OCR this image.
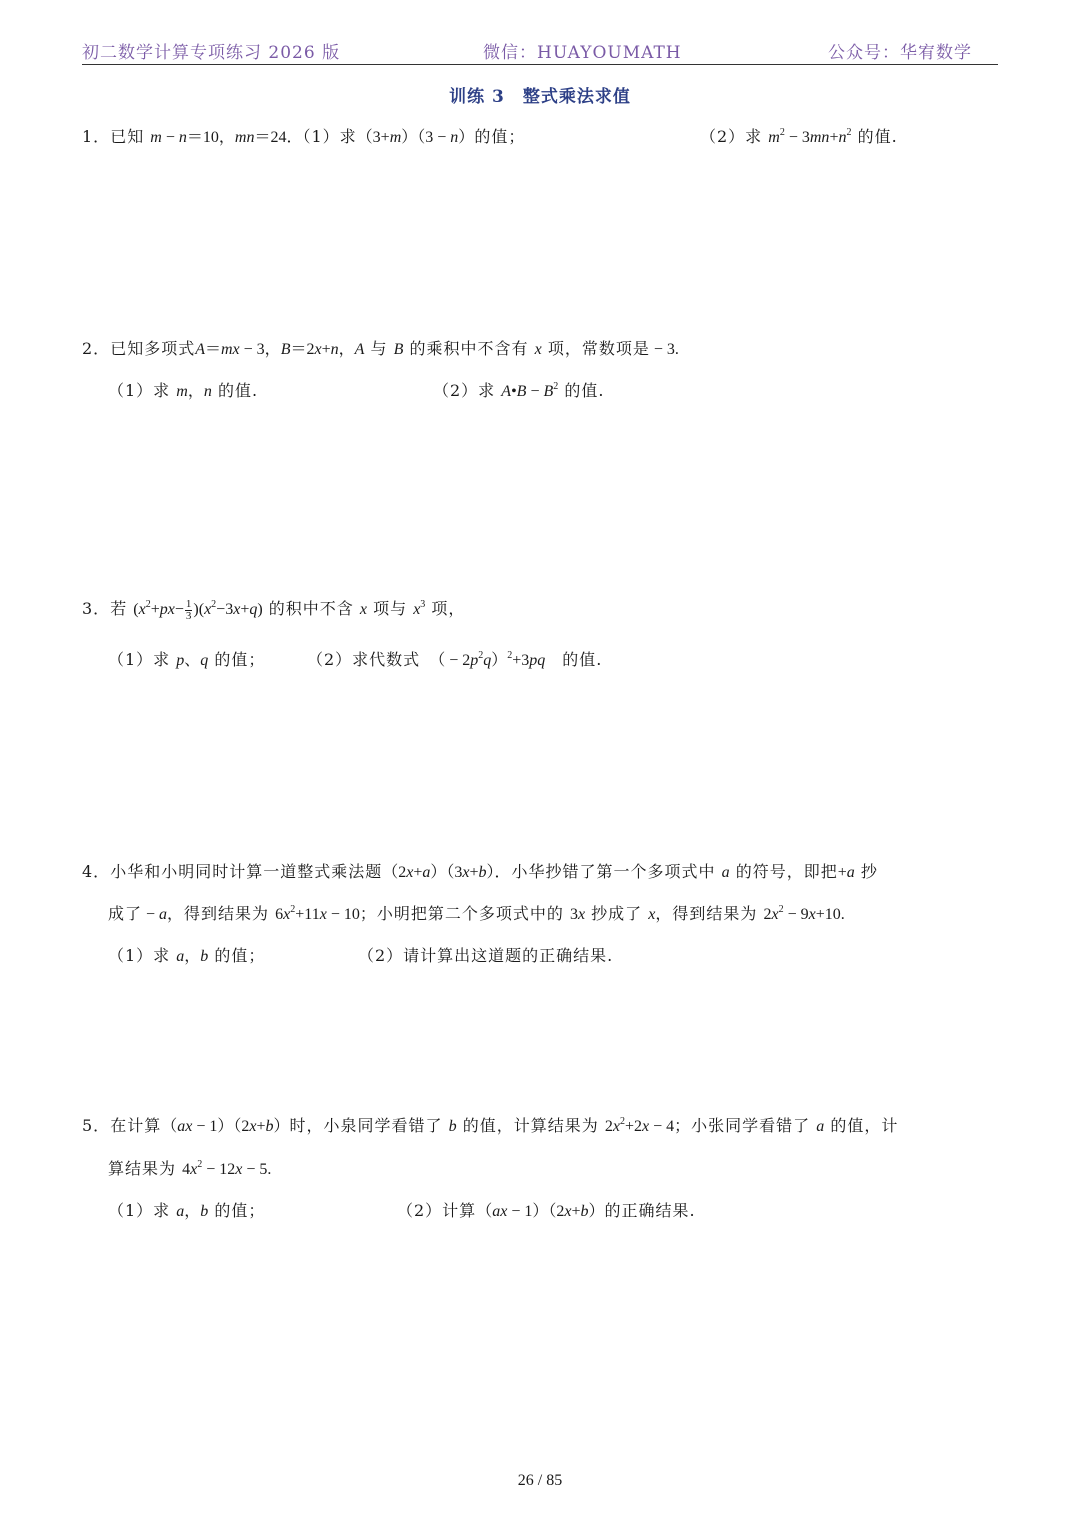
初二数学计算专项练习 2026 版	微信：HUAYOUMATH	公众号：华宥数学
训练 3　整式乘法求值
1．已知 m − n＝10，mn＝24．（1）求（3+m）（3 − n）的值；	（2）求 $m^2 - 3mn+n^2$ 的值.
2．已知多项式A＝mx − 3，B＝2x+n，A 与 B 的乘积中不含有 x 项，常数项是 − 3.
（1）求 m，n 的值.	（2）求 A•B − $B^2$ 的值.
3．若 $(x^2+px- \frac{1}{3} )(x^2-3x+q)$ 的积中不含 x 项与 $x^3$ 项，
（1）求 p、q 的值；	（2）求代数式　 （ − $2p^2q)^2+3pq$　 的值.
4．小华和小明同时计算一道整式乘法题（2x+a）（3x+b）．小华抄错了第一个多项式中 a 的符号，即把+a 抄
成了 − a，得到结果为 $6x^2+11x - 10$；小明把第二个多项式中的 3x 抄成了 x，得到结果为 $2x^2 - 9x+10$.
（1）求 a，b 的值；	（2）请计算出这道题的正确结果.
5．在计算（ax − 1）（2x+b）时，小泉同学看错了 b 的值，计算结果为 $2x^2+2x - 4$；小张同学看错了 a 的值，计
算结果为 $4x^2 - 12x - 5$.
（1）求 a，b 的值；	（2）计算（ax − 1）（2x+b）的正确结果.
26 / 85
